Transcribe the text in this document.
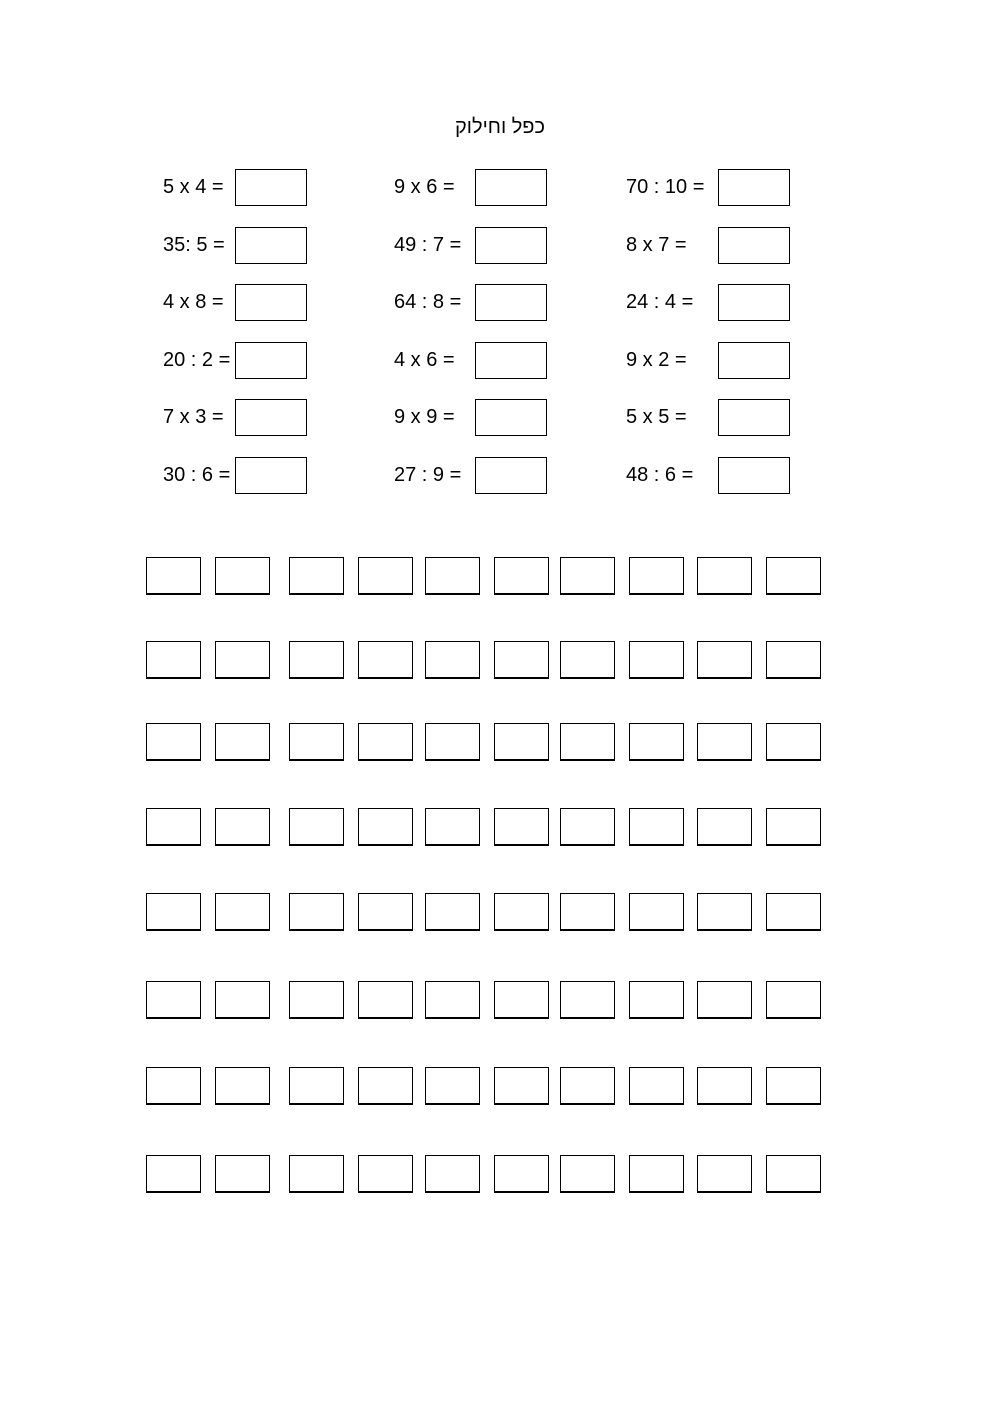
כפל וחילוק
5 x 4 =	9 x 6 =	70 : 10 =
35: 5 =	49 : 7 =	8 x 7 =
4 x 8 =	64 : 8 =	24 : 4 =
20 : 2 =	4 x 6 =	9 x 2 =
7 x 3 =	9 x 9 =	5 x 5 =
30 : 6 =	27 : 9 =	48 : 6 =
